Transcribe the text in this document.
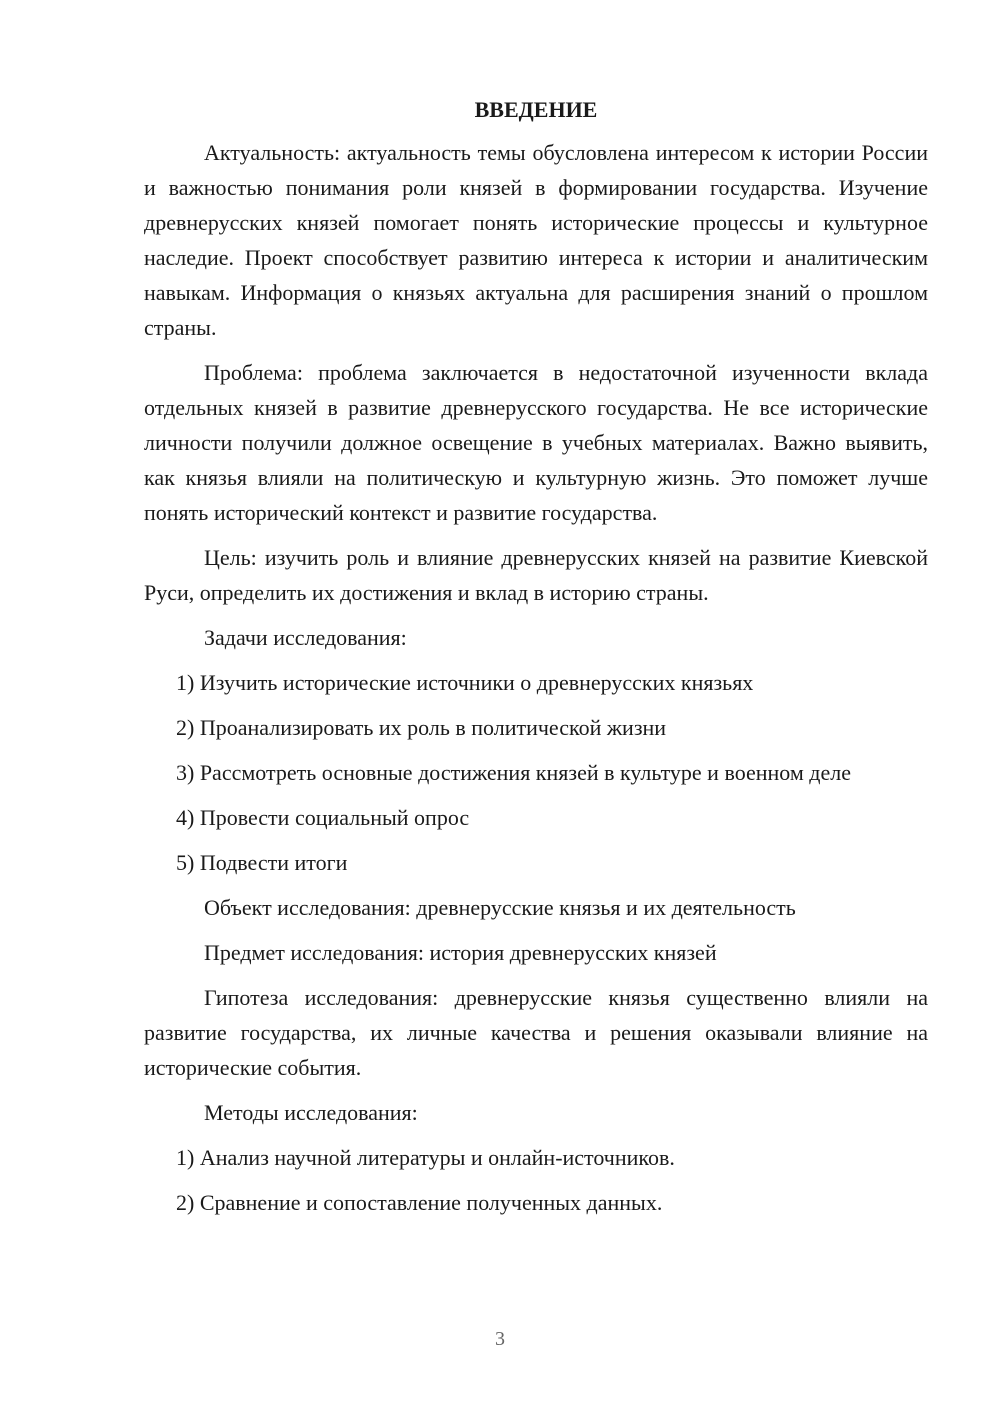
ВВЕДЕНИЕ

Актуальность: актуальность темы обусловлена интересом к истории России и важностью понимания роли князей в формировании государства. Изучение древнерусских князей помогает понять исторические процессы и культурное наследие. Проект способствует развитию интереса к истории и аналитическим навыкам. Информация о князьях актуальна для расширения знаний о прошлом страны.

Проблема: проблема заключается в недостаточной изученности вклада отдельных князей в развитие древнерусского государства. Не все исторические личности получили должное освещение в учебных материалах. Важно выявить, как князья влияли на политическую и культурную жизнь. Это поможет лучше понять исторический контекст и развитие государства.

Цель: изучить роль и влияние древнерусских князей на развитие Киевской Руси, определить их достижения и вклад в историю страны.

Задачи исследования:

1) Изучить исторические источники о древнерусских князьях

2) Проанализировать их роль в политической жизни

3) Рассмотреть основные достижения князей в культуре и военном деле

4) Провести социальный опрос

5) Подвести итоги

Объект исследования: древнерусские князья и их деятельность

Предмет исследования: история древнерусских князей

Гипотеза исследования: древнерусские князья существенно влияли на развитие государства, их личные качества и решения оказывали влияние на исторические события.

Методы исследования:

1) Анализ научной литературы и онлайн-источников.

2) Сравнение и сопоставление полученных данных.

3
